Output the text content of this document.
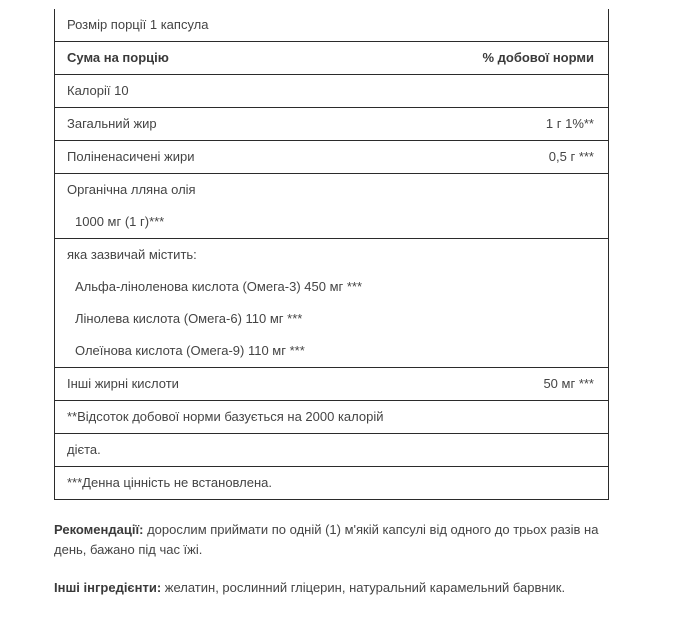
Розмір порції 1 капсула
Сума на порцію	% добової норми
Калорії 10
Загальний жир	1 г 1%**
Поліненасичені жири	0,5 г ***
Органічна лляна олія
1000 мг (1 г)***
яка зазвичай містить:
Альфа-ліноленова кислота (Омега-3) 450 мг ***
Лінолева кислота (Омега-6) 110 мг ***
Олеїнова кислота (Омега-9) 110 мг ***
Інші жирні кислоти	50 мг ***
**Відсоток добової норми базується на 2000 калорій
дієта.
***Денна цінність не встановлена.

Рекомендації: дорослим приймати по одній (1) м'якій капсулі від одного до трьох разів на день, бажано під час їжі.

Інші інгредієнти: желатин, рослинний гліцерин, натуральний карамельний барвник.
